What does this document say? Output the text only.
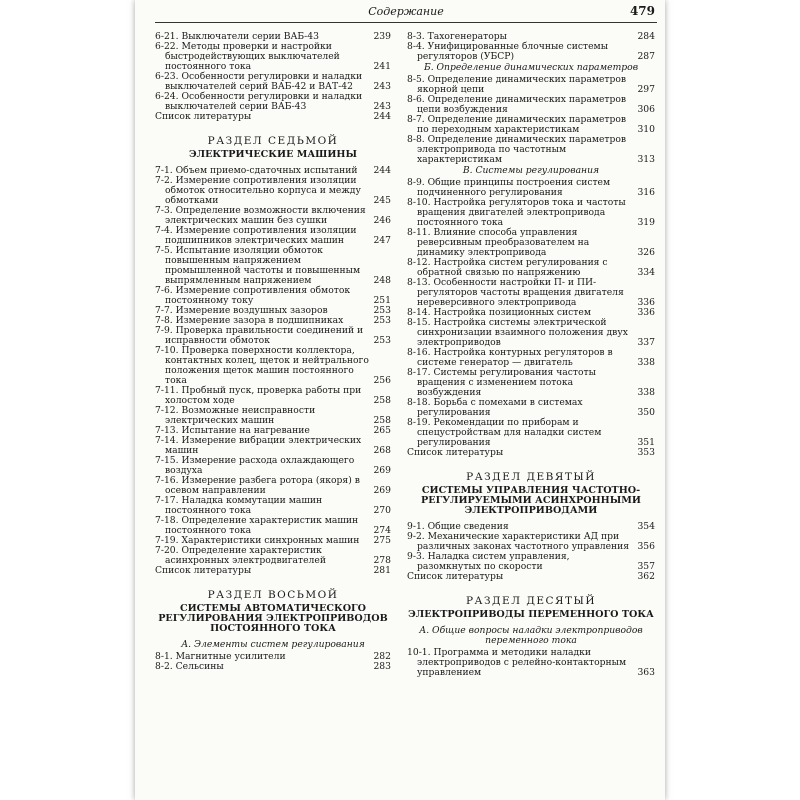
Содержание	479
6-21. Выключатели серии ВАБ-43	239
6-22. Методы проверки и настройки быстродействующих выключателей постоянного тока	241
6-23. Особенности регулировки и наладки выключателей серий ВАБ-42 и ВАТ-42 243
6-24. Особенности регулировки и наладки выключателей серии ВАБ-43	243
Список литературы	244
РАЗДЕЛ СЕДЬМОЙ
ЭЛЕКТРИЧЕСКИЕ МАШИНЫ
7-1. Объем приемо-сдаточных испытаний 244
7-2. Измерение сопротивления изоляции обмоток относительно корпуса и между обмотками	245
7-3. Определение возможности включения электрических машин без сушки	246
7-4. Измерение сопротивления изоляции подшипников электрических машин	247
7-5. Испытание изоляции обмоток повышенным напряжением промышленной частоты и повышенным выпрямленным напряжением	248
7-6. Измерение сопротивления обмоток постоянному току	251
7-7. Измерение воздушных зазоров	253
7-8. Измерение зазора в подшипниках	253
7-9. Проверка правильности соединений и исправности обмоток	253
7-10. Проверка поверхности коллектора, контактных колец, щеток и нейтрального положения щеток машин постоянного тока	256
7-11. Пробный пуск, проверка работы при холостом ходе	258
7-12. Возможные неисправности электрических машин	258
7-13. Испытание на нагревание	265
7-14. Измерение вибрации электрических машин	268
7-15. Измерение расхода охлаждающего воздуха	269
7-16. Измерение разбега ротора (якоря) в осевом направлении	269
7-17. Наладка коммутации машин постоянного тока	270
7-18. Определение характеристик машин постоянного тока	274
7-19. Характеристики синхронных машин 275
7-20. Определение характеристик асинхронных электродвигателей	278
Список литературы	281
РАЗДЕЛ ВОСЬМОЙ
СИСТЕМЫ АВТОМАТИЧЕСКОГО РЕГУЛИРОВАНИЯ ЭЛЕКТРОПРИВОДОВ ПОСТОЯННОГО ТОКА
А. Элементы систем регулирования
8-1. Магнитные усилители	282
8-2. Сельсины	283
8-3. Тахогенераторы	284
8-4. Унифицированные блочные системы регуляторов (УБСР)	287
Б. Определение динамических параметров
8-5. Определение динамических параметров якорной цепи	297
8-6. Определение динамических параметров цепи возбуждения	306
8-7. Определение динамических параметров по переходным характеристикам	310
8-8. Определение динамических параметров электропривода по частотным характеристикам	313
В. Системы регулирования
8-9. Общие принципы построения систем подчиненного регулирования	316
8-10. Настройка регуляторов тока и частоты вращения двигателей электропривода постоянного тока	319
8-11. Влияние способа управления реверсивным преобразователем на динамику электропривода	326
8-12. Настройка систем регулирования с обратной связью по напряжению	334
8-13. Особенности настройки П- и ПИ-регуляторов частоты вращения двигателя нереверсивного электропривода	336
8-14. Настройка позиционных систем	336
8-15. Настройка системы электрической синхронизации взаимного положения двух электроприводов	337
8-16. Настройка контурных регуляторов в системе генератор — двигатель	338
8-17. Системы регулирования частоты вращения с изменением потока возбуждения	338
8-18. Борьба с помехами в системах регулирования	350
8-19. Рекомендации по приборам и спецустройствам для наладки систем регулирования	351
Список литературы	353
РАЗДЕЛ ДЕВЯТЫЙ
СИСТЕМЫ УПРАВЛЕНИЯ ЧАСТОТНО-РЕГУЛИРУЕМЫМИ АСИНХРОННЫМИ ЭЛЕКТРОПРИВОДАМИ
9-1. Общие сведения	354
9-2. Механические характеристики АД при различных законах частотного управления 356
9-3. Наладка систем управления, разомкнутых по скорости	357
Список литературы	362
РАЗДЕЛ ДЕСЯТЫЙ
ЭЛЕКТРОПРИВОДЫ ПЕРЕМЕННОГО ТОКА
А. Общие вопросы наладки электроприводов переменного тока
10-1. Программа и методики наладки электроприводов с релейно-контакторным управлением	363
